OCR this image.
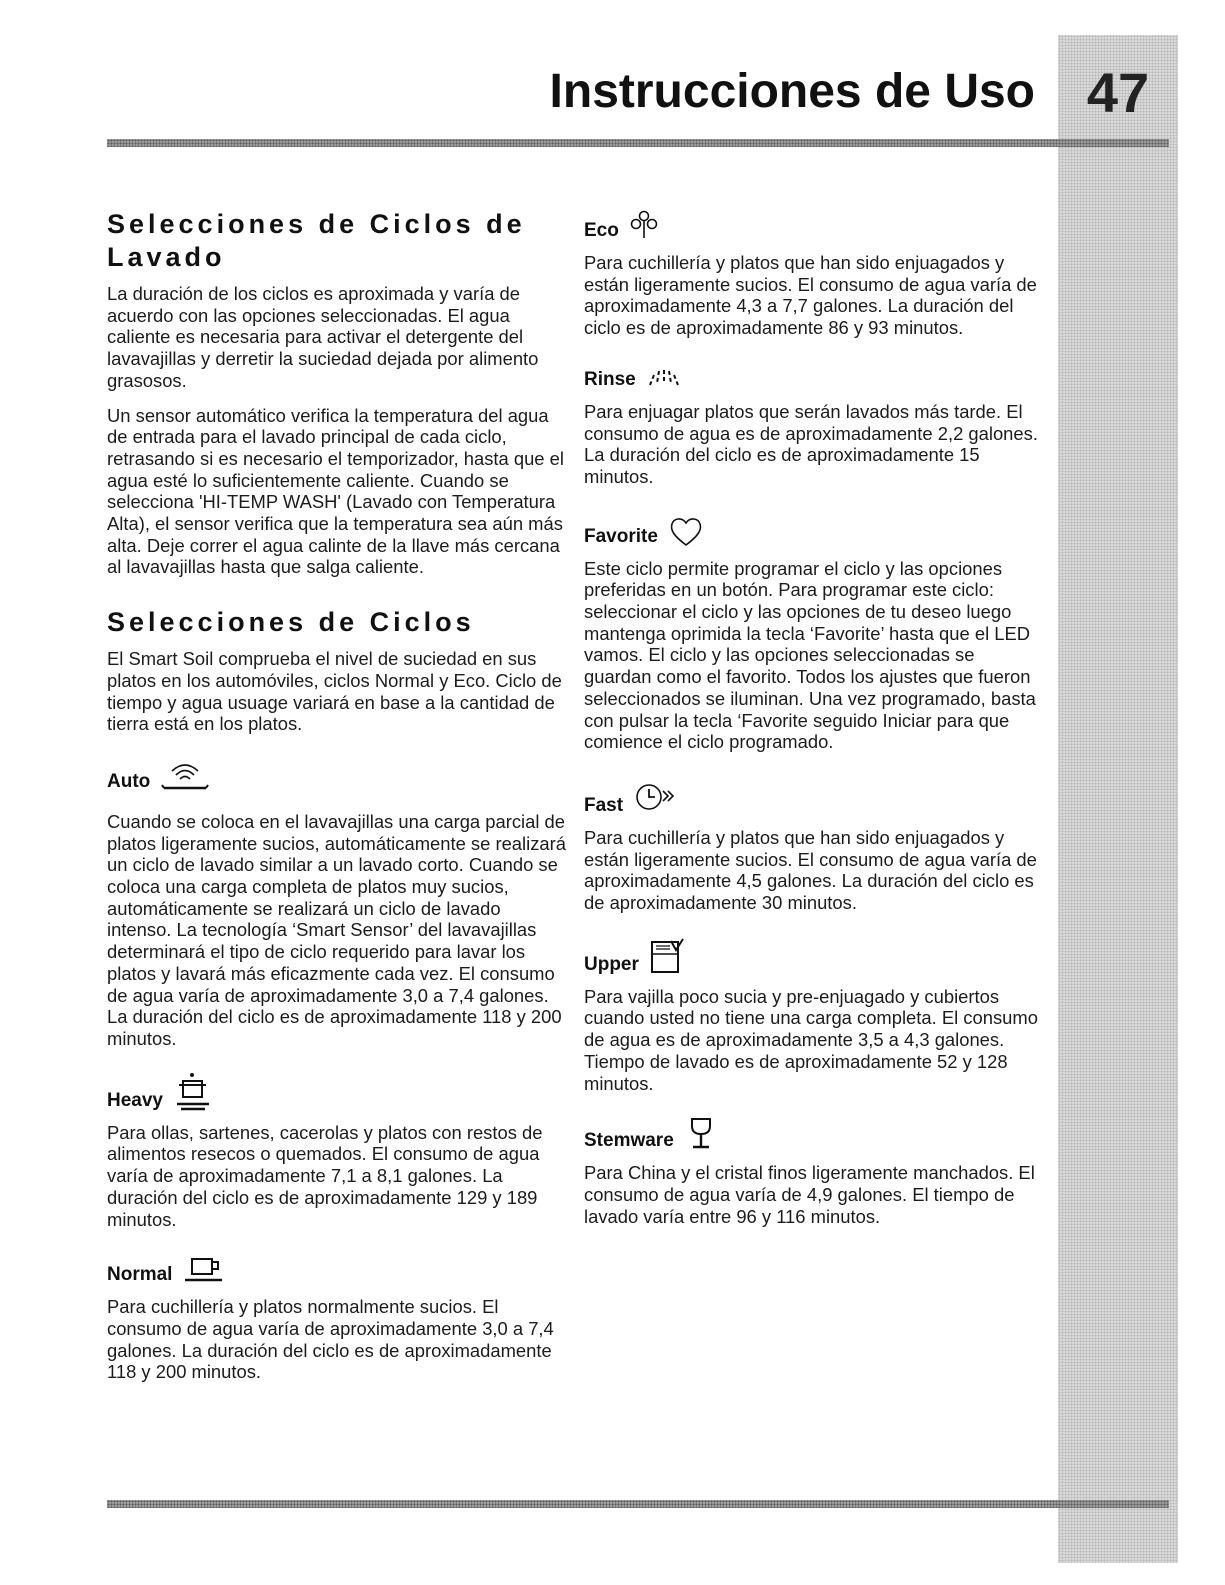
47
Instrucciones de Uso
Selecciones de Ciclos de Lavado

La duración de los ciclos es aproximada y varía de acuerdo con las opciones seleccionadas. El agua caliente es necesaria para activar el detergente del lavavajillas y derretir la suciedad dejada por alimento grasosos.

Un sensor automático verifica la temperatura del agua de entrada para el lavado principal de cada ciclo, retrasando si es necesario el temporizador, hasta que el agua esté lo suficientemente caliente. Cuando se selecciona 'HI-TEMP WASH' (Lavado con Temperatura Alta), el sensor verifica que la temperatura sea aún más alta. Deje correr el agua calinte de la llave más cercana al lavavajillas hasta que salga caliente.

Selecciones de Ciclos

El Smart Soil comprueba el nivel de suciedad en sus platos en los automóviles, ciclos Normal y Eco. Ciclo de tiempo y agua usuage variará en base a la cantidad de tierra está en los platos.

Auto

Cuando se coloca en el lavavajillas una carga parcial de platos ligeramente sucios, automáticamente se realizará un ciclo de lavado similar a un lavado corto. Cuando se coloca una carga completa de platos muy sucios, automáticamente se realizará un ciclo de lavado intenso. La tecnología ‘Smart Sensor’ del lavavajillas determinará el tipo de ciclo requerido para lavar los platos y lavará más eficazmente cada vez. El consumo de agua varía de aproximadamente 3,0 a 7,4 galones. La duración del ciclo es de aproximadamente 118 y 200 minutos.

Heavy

Para ollas, sartenes, cacerolas y platos con restos de alimentos resecos o quemados. El consumo de agua varía de aproximadamente 7,1 a 8,1 galones. La duración del ciclo es de aproximadamente 129 y 189 minutos.

Normal

Para cuchillería y platos normalmente sucios. El consumo de agua varía de aproximadamente 3,0 a 7,4 galones. La duración del ciclo es de aproximadamente 118 y 200 minutos.

Eco

Para cuchillería y platos que han sido enjuagados y están ligeramente sucios. El consumo de agua varía de aproximadamente 4,3 a 7,7 galones. La duración del ciclo es de aproximadamente 86 y 93 minutos.

Rinse

Para enjuagar platos que serán lavados más tarde. El consumo de agua es de aproximadamente 2,2 galones. La duración del ciclo es de aproximadamente 15 minutos.

Favorite

Este ciclo permite programar el ciclo y las opciones preferidas en un botón. Para programar este ciclo: seleccionar el ciclo y las opciones de tu deseo luego mantenga oprimida la tecla ‘Favorite’ hasta que el LED vamos. El ciclo y las opciones seleccionadas se guardan como el favorito. Todos los ajustes que fueron seleccionados se iluminan. Una vez programado, basta con pulsar la tecla ‘Favorite seguido Iniciar para que comience el ciclo programado.

Fast

Para cuchillería y platos que han sido enjuagados y están ligeramente sucios. El consumo de agua varía de aproximadamente 4,5 galones. La duración del ciclo es de aproximadamente 30 minutos.

Upper

Para vajilla poco sucia y pre-enjuagado y cubiertos cuando usted no tiene una carga completa. El consumo de agua es de aproximadamente 3,5 a 4,3 galones. Tiempo de lavado es de aproximadamente 52 y 128 minutos.

Stemware

Para China y el cristal finos ligeramente manchados. El consumo de agua varía de 4,9 galones. El tiempo de lavado varía entre 96 y 116 minutos.
